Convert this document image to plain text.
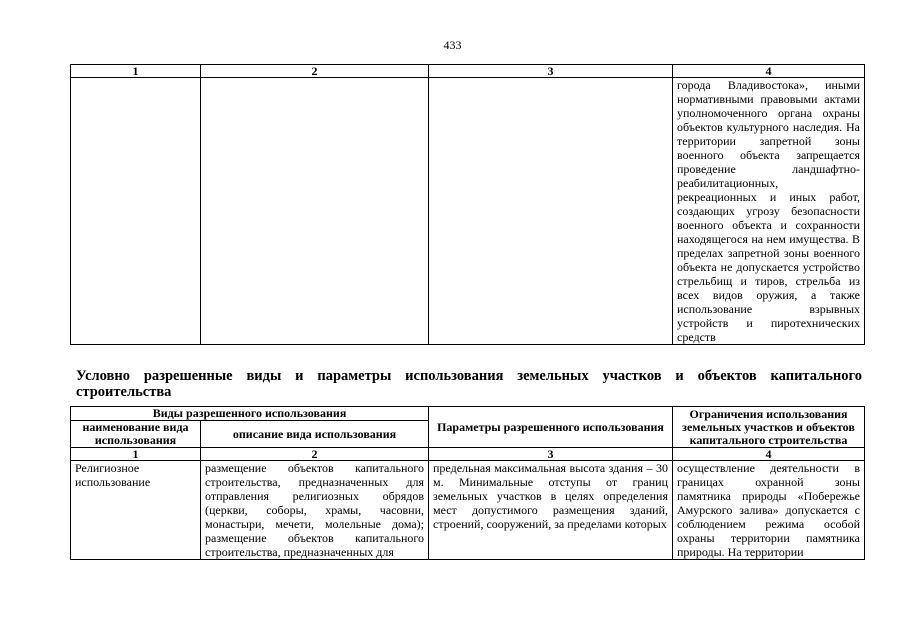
433
1	2	3	4
			города Владивостока», иными нормативными правовыми актами уполномоченного органа охраны объектов культурного наследия. На территории запретной зоны военного объекта запрещается проведение ландшафтно-реабилитационных, рекреационных и иных работ, создающих угрозу безопасности военного объекта и сохранности находящегося на нем имущества. В пределах запретной зоны военного объекта не допускается устройство стрельбищ и тиров, стрельба из всех видов оружия, а также использование взрывных устройств и пиротехнических средств
Условно разрешенные виды и параметры использования земельных участков и объектов капитального
строительства
Виды разрешенного использования		Параметры разрешенного использования	Ограничения использования земельных участков и объектов капитального строительства
наименование вида использования	описание вида использования		
1	2	3	4
Религиозное использование	размещение объектов капитального строительства, предназначенных для отправления религиозных обрядов (церкви, соборы, храмы, часовни, монастыри, мечети, молельные дома); размещение объектов капитального строительства, предназначенных для	предельная максимальная высота здания – 30 м. Минимальные отступы от границ земельных участков в целях определения мест допустимого размещения зданий, строений, сооружений, за пределами которых	осуществление деятельности в границах охранной зоны памятника природы «Побережье Амурского залива» допускается с соблюдением режима особой охраны территории памятника природы. На территории
